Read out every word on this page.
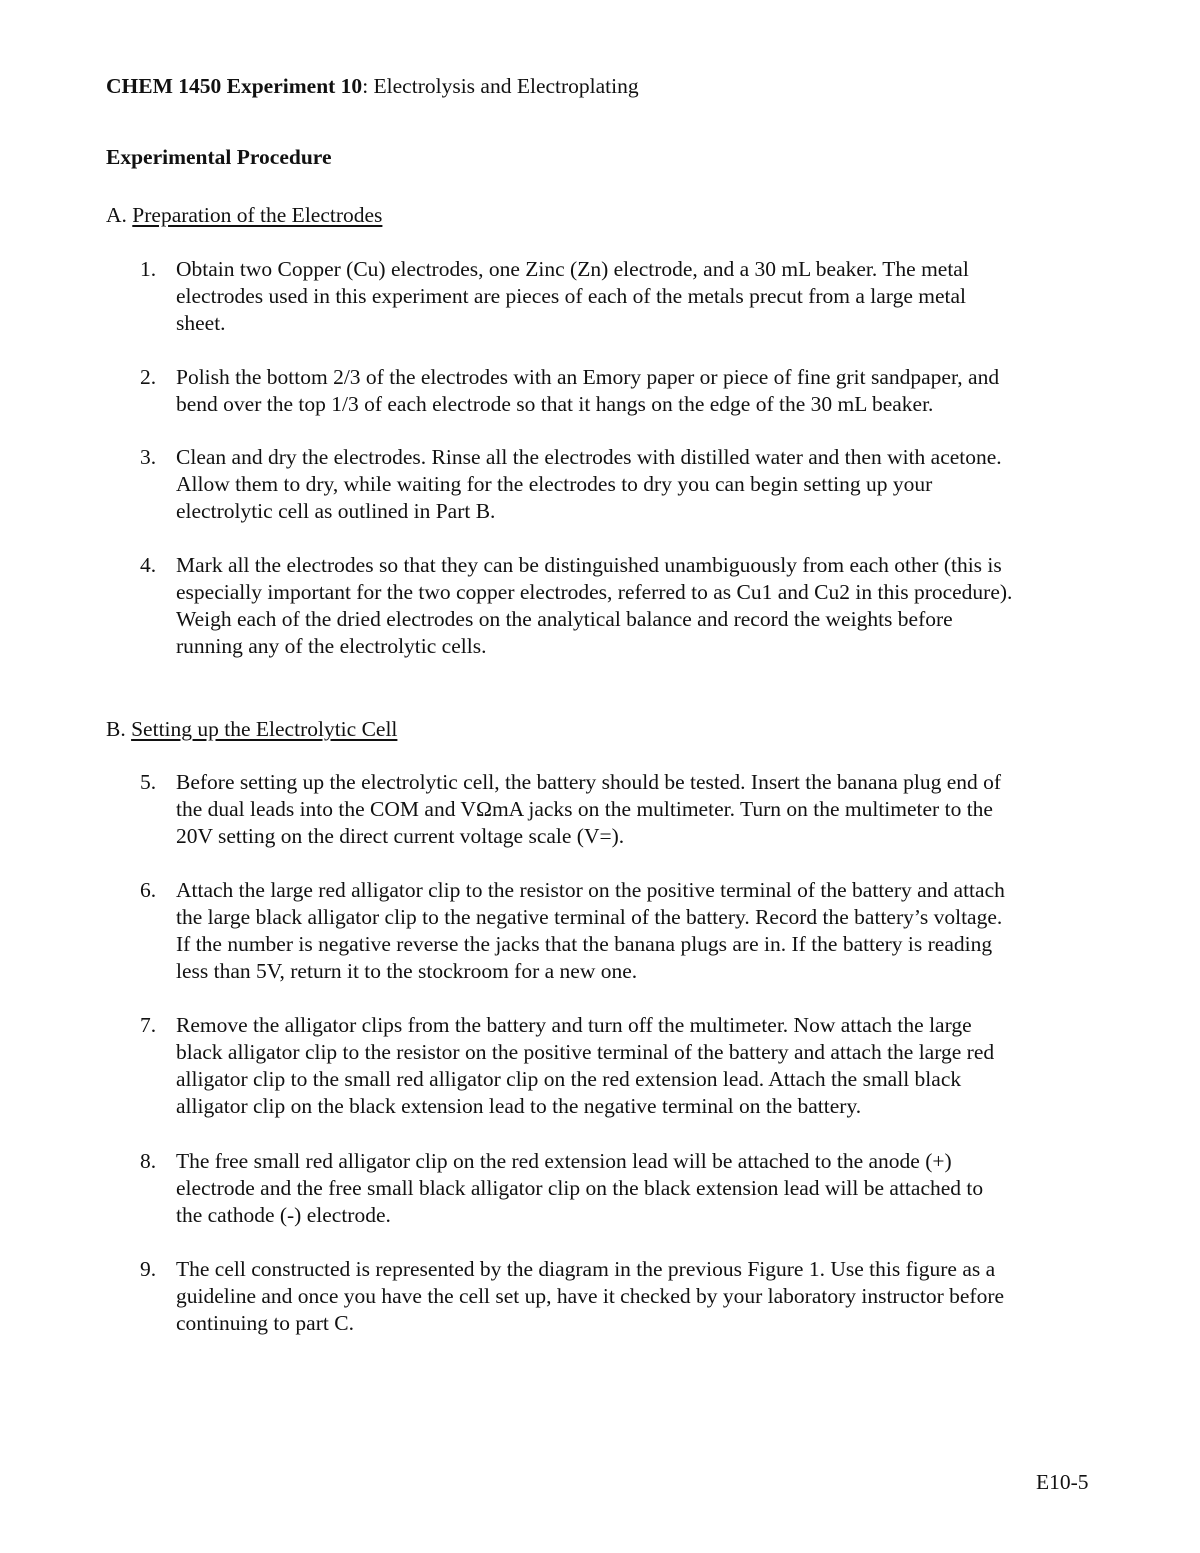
CHEM 1450 Experiment 10: Electrolysis and Electroplating
Experimental Procedure
A. Preparation of the Electrodes
1. Obtain two Copper (Cu) electrodes, one Zinc (Zn) electrode, and a 30 mL beaker. The metal
electrodes used in this experiment are pieces of each of the metals precut from a large metal
sheet.
2. Polish the bottom 2/3 of the electrodes with an Emory paper or piece of fine grit sandpaper, and
bend over the top 1/3 of each electrode so that it hangs on the edge of the 30 mL beaker.
3. Clean and dry the electrodes. Rinse all the electrodes with distilled water and then with acetone.
Allow them to dry, while waiting for the electrodes to dry you can begin setting up your
electrolytic cell as outlined in Part B.
4. Mark all the electrodes so that they can be distinguished unambiguously from each other (this is
especially important for the two copper electrodes, referred to as Cu1 and Cu2 in this procedure).
Weigh each of the dried electrodes on the analytical balance and record the weights before
running any of the electrolytic cells.
B. Setting up the Electrolytic Cell
5. Before setting up the electrolytic cell, the battery should be tested. Insert the banana plug end of
the dual leads into the COM and VΩmA jacks on the multimeter. Turn on the multimeter to the
20V setting on the direct current voltage scale (V=).
6. Attach the large red alligator clip to the resistor on the positive terminal of the battery and attach
the large black alligator clip to the negative terminal of the battery. Record the battery’s voltage.
If the number is negative reverse the jacks that the banana plugs are in. If the battery is reading
less than 5V, return it to the stockroom for a new one.
7. Remove the alligator clips from the battery and turn off the multimeter. Now attach the large
black alligator clip to the resistor on the positive terminal of the battery and attach the large red
alligator clip to the small red alligator clip on the red extension lead. Attach the small black
alligator clip on the black extension lead to the negative terminal on the battery.
8. The free small red alligator clip on the red extension lead will be attached to the anode (+)
electrode and the free small black alligator clip on the black extension lead will be attached to
the cathode (-) electrode.
9. The cell constructed is represented by the diagram in the previous Figure 1. Use this figure as a
guideline and once you have the cell set up, have it checked by your laboratory instructor before
continuing to part C.
E10-5
